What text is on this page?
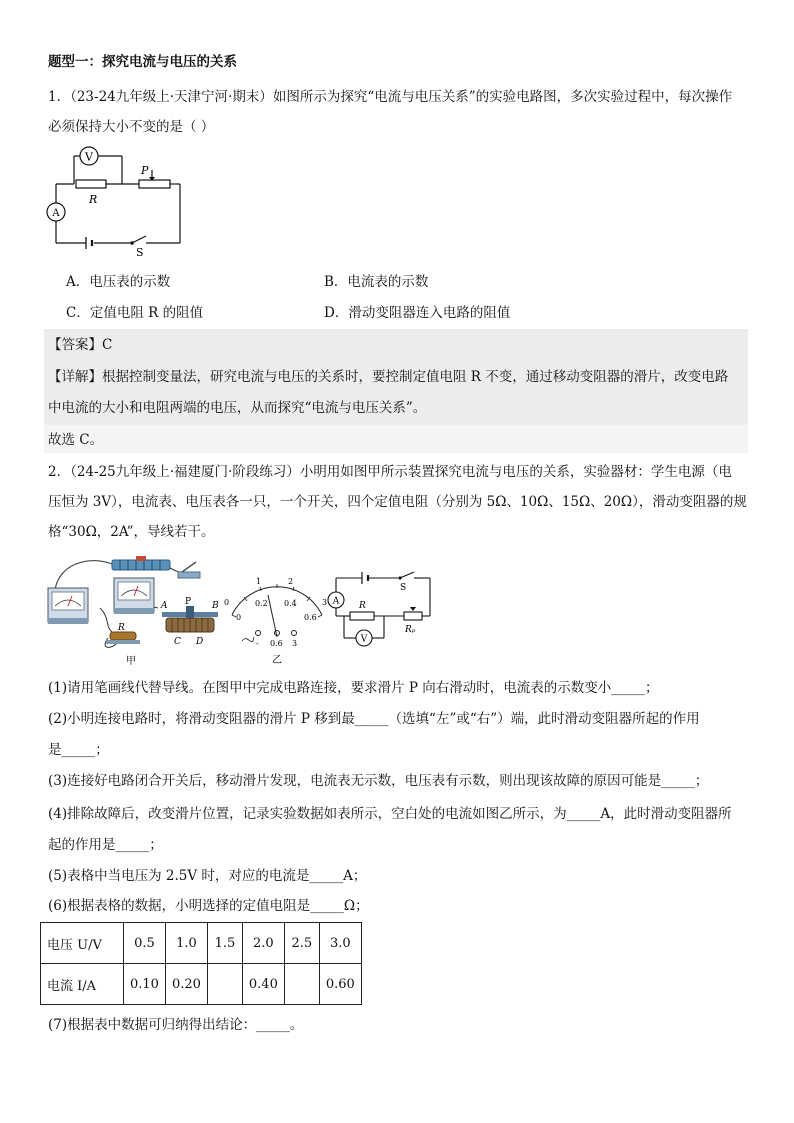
题型一：探究电流与电压的关系
1．（23-24九年级上·天津宁河·期末）如图所示为探究“电流与电压关系”的实验电路图，多次实验过程中，每次操作
必须保持大小不变的是（ ）
V
A
R
P
S
A．电压表的示数	B．电流表的示数
C．定值电阻 R 的阻值	D．滑动变阻器连入电路的阻值
【答案】C
【详解】根据控制变量法，研究电流与电压的关系时，要控制定值电阻 R 不变，通过移动变阻器的滑片，改变电路
中电流的大小和电阻两端的电压，从而探究“电流与电压关系”。
故选 C。
2．（24-25九年级上·福建厦门·阶段练习）小明用如图甲所示装置探究电流与电压的关系，实验器材：学生电源（电
压恒为 3V），电流表、电压表各一只，一个开关，四个定值电阻（分别为 5Ω、10Ω、15Ω、20Ω），滑动变阻器的规
格“30Ω，2A”，导线若干。
R
P
A	B
C D
甲
0
1	2
3
0
0.2 0.4
0.6
- 0.6 3
乙
S
A R
Rₚ
V
(1)请用笔画线代替导线。在图甲中完成电路连接，要求滑片 P 向右滑动时，电流表的示数变小_____；
(2)小明连接电路时，将滑动变阻器的滑片 P 移到最_____（选填“左”或“右”）端，此时滑动变阻器所起的作用
是_____；
(3)连接好电路闭合开关后，移动滑片发现，电流表无示数，电压表有示数，则出现该故障的原因可能是_____；
(4)排除故障后，改变滑片位置，记录实验数据如表所示，空白处的电流如图乙所示，为_____A，此时滑动变阻器所
起的作用是_____；
(5)表格中当电压为 2.5V 时，对应的电流是_____A；
(6)根据表格的数据，小明选择的定值电阻是_____Ω；
电压 U/V	0.5	1.0	1.5	2.0	2.5	3.0
电流 I/A	0.10	0.20		0.40		0.60
(7)根据表中数据可归纳得出结论：_____。
